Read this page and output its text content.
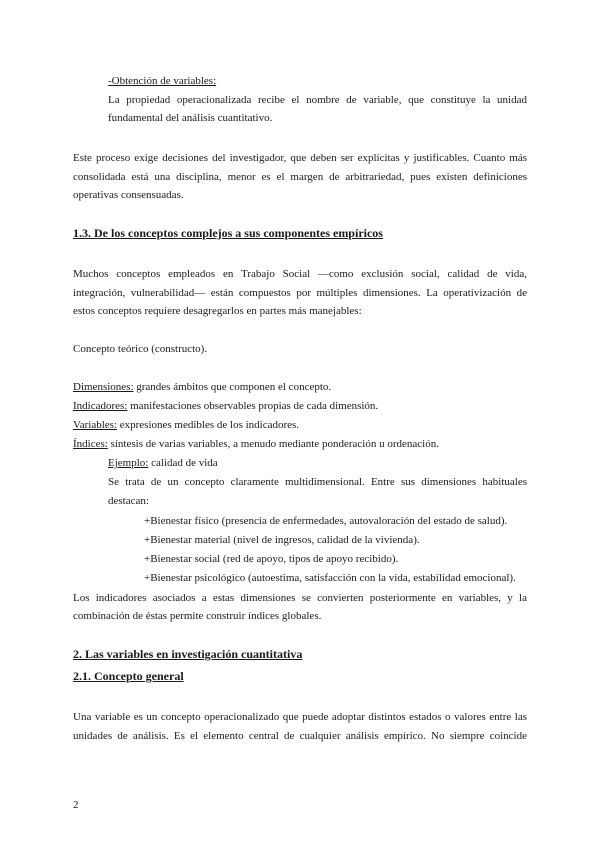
-Obtención de variables:
La propiedad operacionalizada recibe el nombre de variable, que constituye la unidad
fundamental del análisis cuantitativo.
Este proceso exige decisiones del investigador, que deben ser explícitas y justificables. Cuanto más
consolidada está una disciplina, menor es el margen de arbitrariedad, pues existen definiciones
operativas consensuadas.
1.3. De los conceptos complejos a sus componentes empíricos
Muchos conceptos empleados en Trabajo Social —como exclusión social, calidad de vida,
integración, vulnerabilidad— están compuestos por múltiples dimensiones. La operativización de
estos conceptos requiere desagregarlos en partes más manejables:
Concepto teórico (constructo).
Dimensiones: grandes ámbitos que componen el concepto.
Indicadores: manifestaciones observables propias de cada dimensión.
Variables: expresiones medibles de los indicadores.
Índices: síntesis de varias variables, a menudo mediante ponderación u ordenación.
Ejemplo: calidad de vida
Se trata de un concepto claramente multidimensional. Entre sus dimensiones habituales
destacan:
+Bienestar físico (presencia de enfermedades, autovaloración del estado de salud).
+Bienestar material (nivel de ingresos, calidad de la vivienda).
+Bienestar social (red de apoyo, tipos de apoyo recibido).
+Bienestar psicológico (autoestima, satisfacción con la vida, estabilidad emocional).
Los indicadores asociados a estas dimensiones se convierten posteriormente en variables, y la
combinación de éstas permite construir índices globales.
2. Las variables en investigación cuantitativa
2.1. Concepto general
Una variable es un concepto operacionalizado que puede adoptar distintos estados o valores entre las
unidades de análisis. Es el elemento central de cualquier análisis empírico. No siempre coincide
2
